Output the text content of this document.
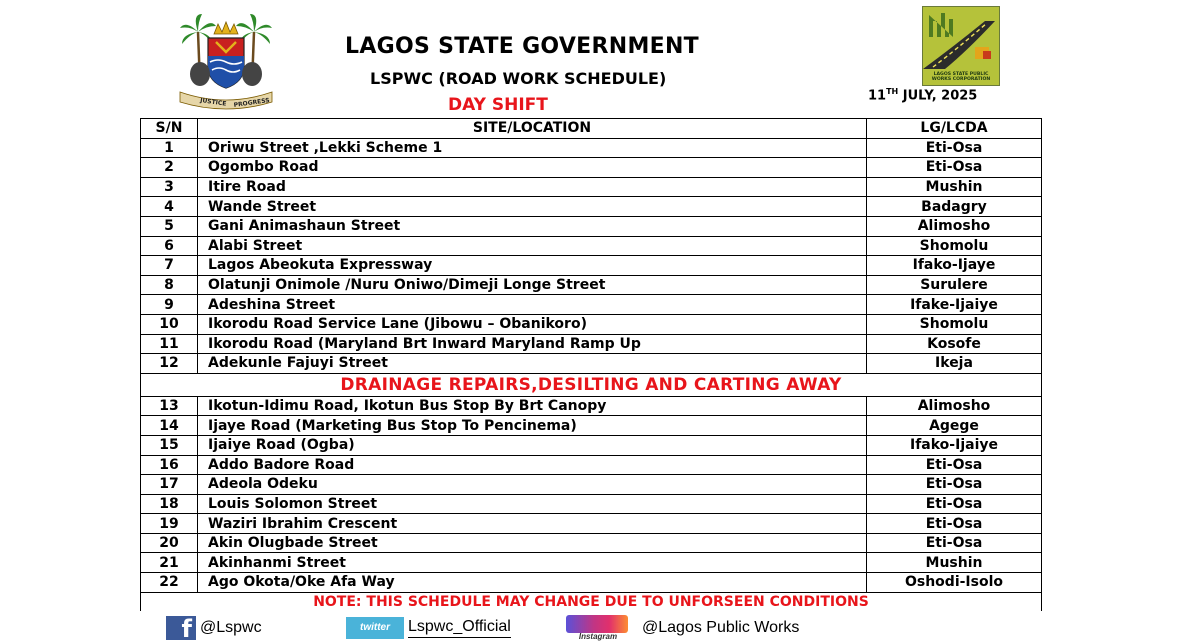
JUSTICE PROGRESS
LAGOS STATE GOVERNMENT
LSPWC (ROAD WORK SCHEDULE)
DAY SHIFT	11TH JULY, 2025
LAGOS STATE PUBLIC WORKS CORPORATION
S/N	SITE/LOCATION	LG/LCDA
1	Oriwu Street ,Lekki Scheme 1	Eti-Osa
2	Ogombo Road	Eti-Osa
3	Itire Road	Mushin
4	Wande Street	Badagry
5	Gani Animashaun Street	Alimosho
6	Alabi Street	Shomolu
7	Lagos Abeokuta Expressway	Ifako-Ijaye
8	Olatunji Onimole /Nuru Oniwo/Dimeji Longe Street	Surulere
9	Adeshina Street	Ifake-Ijaiye
10	Ikorodu Road Service Lane (Jibowu – Obanikoro)	Shomolu
11	Ikorodu Road (Maryland Brt Inward Maryland Ramp Up	Kosofe
12	Adekunle Fajuyi Street	Ikeja
DRAINAGE REPAIRS,DESILTING AND CARTING AWAY		
13	Ikotun-Idimu Road, Ikotun Bus Stop By Brt Canopy	Alimosho
14	Ijaye Road (Marketing Bus Stop To Pencinema)	Agege
15	Ijaiye Road (Ogba)	Ifako-Ijaiye
16	Addo Badore Road	Eti-Osa
17	Adeola Odeku	Eti-Osa
18	Louis Solomon Street	Eti-Osa
19	Waziri Ibrahim Crescent	Eti-Osa
20	Akin Olugbade Street	Eti-Osa
21	Akinhanmi Street	Mushin
22	Ago Okota/Oke Afa Way	Oshodi-Isolo
NOTE: THIS SCHEDULE MAY CHANGE DUE TO UNFORSEEN CONDITIONS		
f @Lspwc	twitter	Lspwc_Official
Instagram
@Lagos Public Works
